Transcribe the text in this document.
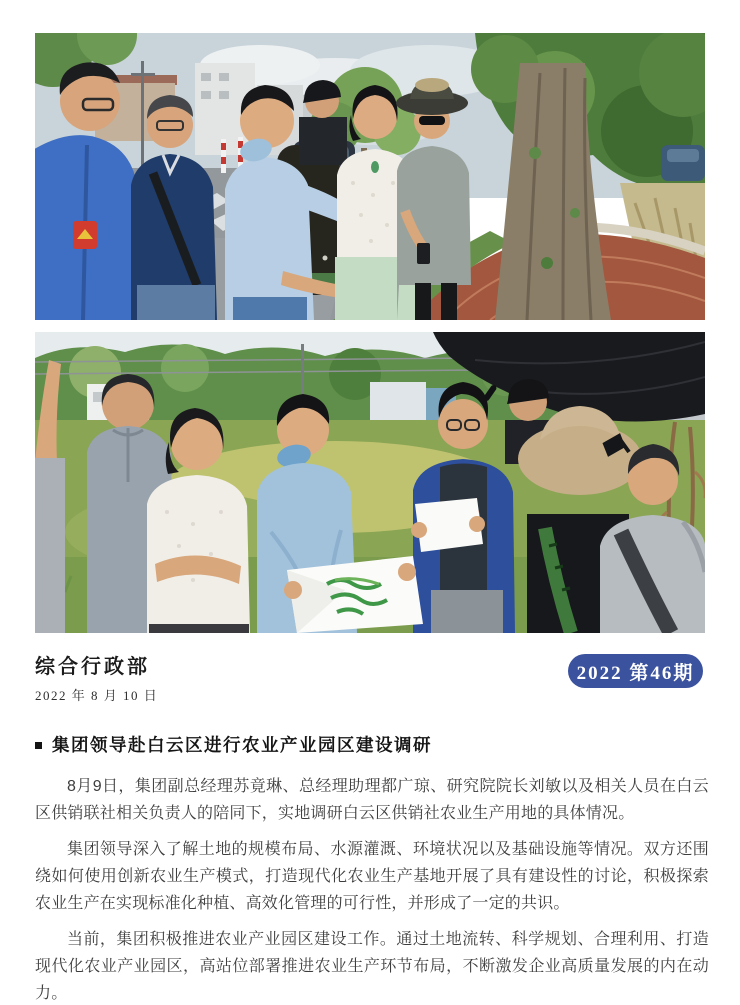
综合行政部
2022 年 8 月 10 日
2022 第46期
集团领导赴白云区进行农业产业园区建设调研

8月9日，集团副总经理苏竟琳、总经理助理都广琼、研究院院长刘敏以及相关人员在白云区供销联社相关负责人的陪同下，实地调研白云区供销社农业生产用地的具体情况。

集团领导深入了解土地的规模布局、水源灌溉、环境状况以及基础设施等情况。双方还围绕如何使用创新农业生产模式，打造现代化农业生产基地开展了具有建设性的讨论，积极探索农业生产在实现标准化种植、高效化管理的可行性，并形成了一定的共识。

当前，集团积极推进农业产业园区建设工作。通过土地流转、科学规划、合理利用、打造现代化农业产业园区，高站位部署推进农业生产环节布局，不断激发企业高质量发展的内在动力。
